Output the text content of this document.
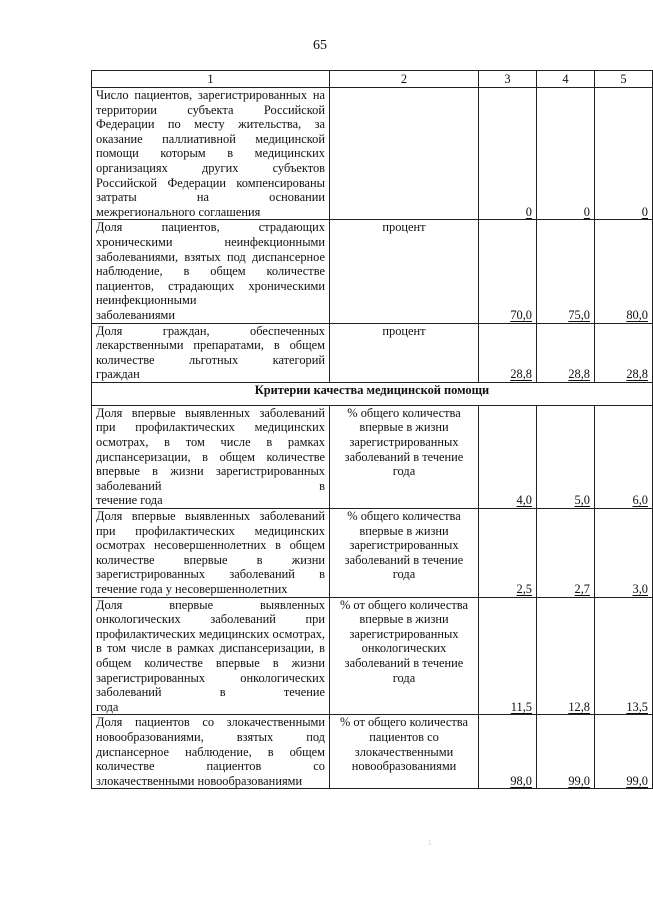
65
1	2	3	4	5
Число пациентов, зарегистрированных на территории субъекта Российской Федерации по месту жительства, за оказание паллиативной медицинской помощи которым в медицинских организациях других субъектов Российской Федерации компенсированы затраты на основании
межрегионального соглашения		0	0	0
Доля пациентов, страдающих хроническими неинфекционными заболеваниями, взятых под диспансерное наблюдение, в общем количестве пациентов, страдающих хроническими неинфекционными
заболеваниями	процент	70,0	75,0	80,0
Доля граждан, обеспеченных лекарственными препаратами, в общем количестве льготных категорий
граждан	процент	28,8	28,8	28,8
Критерии качества медицинской помощи				
Доля впервые выявленных заболеваний при профилактических медицинских осмотрах, в том числе в рамках диспансеризации, в общем количестве впервые в жизни зарегистрированных заболеваний в
течение года	% общего количества впервые в жизни зарегистрированных заболеваний в течение года	4,0	5,0	6,0
Доля впервые выявленных заболеваний при профилактических медицинских осмотрах несовершеннолетних в общем количестве впервые в жизни зарегистрированных заболеваний в
течение года у несовершеннолетних	% общего количества впервые в жизни зарегистрированных заболеваний в течение года	2,5	2,7	3,0
Доля впервые выявленных онкологических заболеваний при профилактических медицинских осмотрах, в том числе в рамках диспансеризации, в общем количестве впервые в жизни зарегистрированных онкологических заболеваний в течение
года	% от общего количества впервые в жизни зарегистрированных онкологических заболеваний в течение года	11,5	12,8	13,5
Доля пациентов со злокачественными новообразованиями, взятых под диспансерное наблюдение, в общем количестве пациентов со
злокачественными новообразованиями	% от общего количества пациентов со злокачественными новообразованиями	98,0	99,0	99,0
⁏
